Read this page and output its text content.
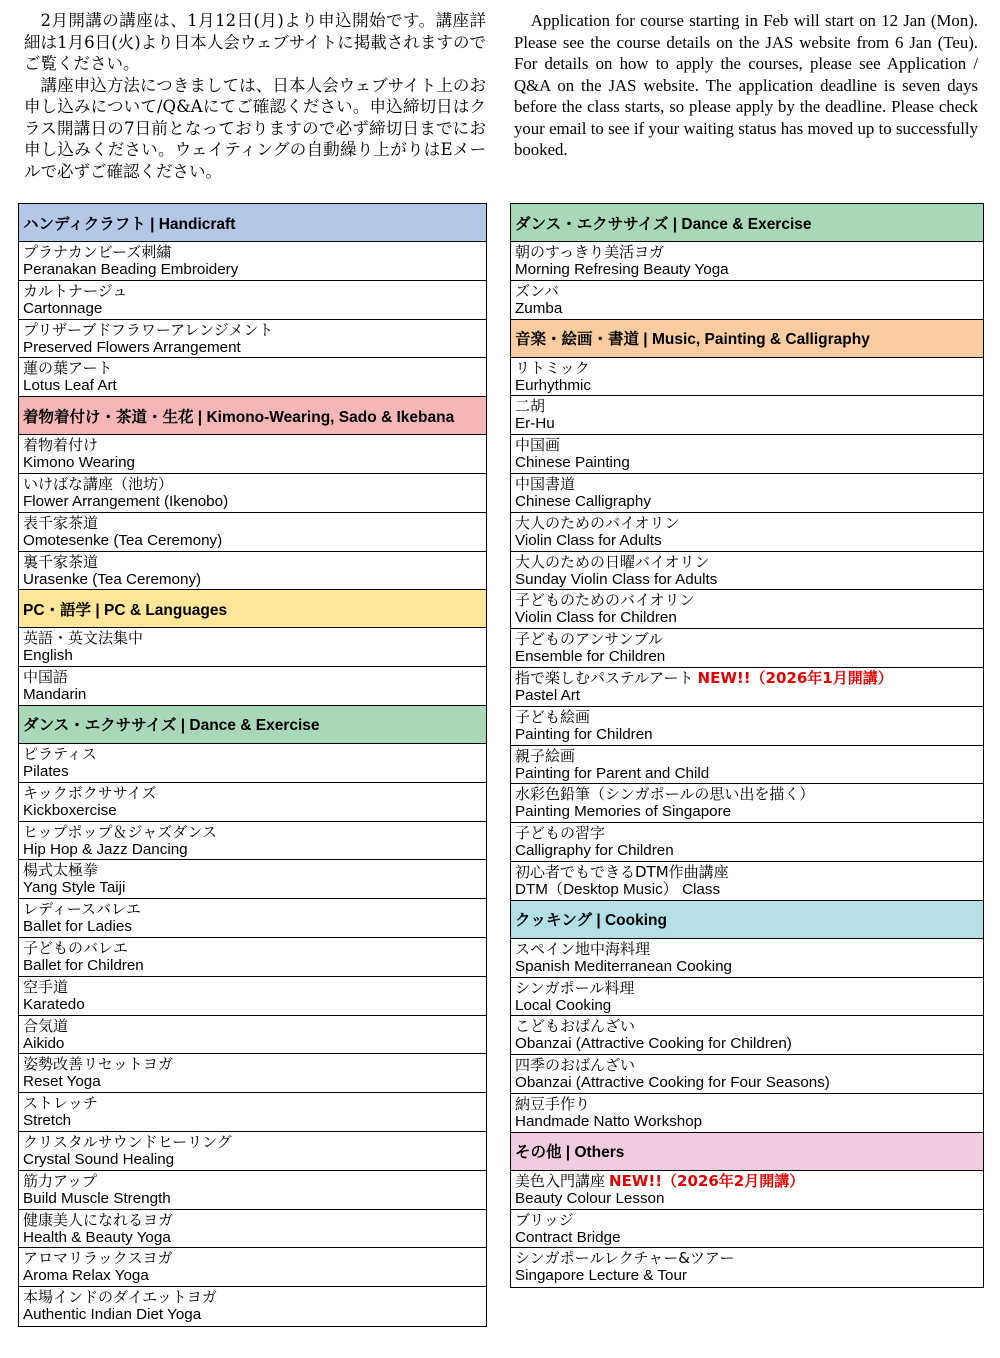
2月開講の講座は、1月12日(月)より申込開始です。講座詳細は1月6日(火)より日本人会ウェブサイトに掲載されますのでご覧ください。

講座申込方法につきましては、日本人会ウェブサイト上のお申し込みについて/Q&Aにてご確認ください。申込締切日はクラス開講日の7日前となっておりますので必ず締切日までにお申し込みください。ウェイティングの自動繰り上がりはEメールで必ずご確認ください。

Application for course starting in Feb will start on 12 Jan (Mon). Please see the course details on the JAS website from 6 Jan (Teu). For details on how to apply the courses, please see Application / Q&A on the JAS website. The application deadline is seven days before the class starts, so please apply by the deadline. Please check your email to see if your waiting status has moved up to successfully booked.

ハンディクラフト | Handicraft
プラナカンビーズ刺繍
Peranakan Beading Embroidery
カルトナージュ
Cartonnage
プリザーブドフラワーアレンジメント
Preserved Flowers Arrangement
蓮の葉アート
Lotus Leaf Art
着物着付け・茶道・生花 | Kimono-Wearing, Sado & Ikebana
着物着付け
Kimono Wearing
いけばな講座（池坊）
Flower Arrangement (Ikenobo)
表千家茶道
Omotesenke (Tea Ceremony)
裏千家茶道
Urasenke (Tea Ceremony)
PC・語学 | PC & Languages
英語・英文法集中
English
中国語
Mandarin
ダンス・エクササイズ | Dance & Exercise
ピラティス
Pilates
キックボクササイズ
Kickboxercise
ヒップポップ＆ジャズダンス
Hip Hop & Jazz Dancing
楊式太極拳
Yang Style Taiji
レディースバレエ
Ballet for Ladies
子どものバレエ
Ballet for Children
空手道
Karatedo
合気道
Aikido
姿勢改善リセットヨガ
Reset Yoga
ストレッチ
Stretch
クリスタルサウンドヒーリング
Crystal Sound Healing
筋力アップ
Build Muscle Strength
健康美人になれるヨガ
Health & Beauty Yoga
アロマリラックスヨガ
Aroma Relax Yoga
本場インドのダイエットヨガ
Authentic Indian Diet Yoga
ダンス・エクササイズ | Dance & Exercise
朝のすっきり美活ヨガ
Morning Refresing Beauty Yoga
ズンバ
Zumba
音楽・絵画・書道 | Music, Painting & Calligraphy
リトミック
Eurhythmic
二胡
Er-Hu
中国画
Chinese Painting
中国書道
Chinese Calligraphy
大人のためのバイオリン
Violin Class for Adults
大人のための日曜バイオリン
Sunday Violin Class for Adults
子どものためのバイオリン
Violin Class for Children
子どものアンサンブル
Ensemble for Children
指で楽しむパステルアート NEW!!（2026年1月開講）
Pastel Art
子ども絵画
Painting for Children
親子絵画
Painting for Parent and Child
水彩色鉛筆（シンガポールの思い出を描く）
Painting Memories of Singapore
子どもの習字
Calligraphy for Children
初心者でもできるDTM作曲講座
DTM（Desktop Music） Class
クッキング | Cooking
スペイン地中海料理
Spanish Mediterranean Cooking
シンガポール料理
Local Cooking
こどもおばんざい
Obanzai (Attractive Cooking for Children)
四季のおばんざい
Obanzai (Attractive Cooking for Four Seasons)
納豆手作り
Handmade Natto Workshop
その他 | Others
美色入門講座 NEW!!（2026年2月開講）
Beauty Colour Lesson
ブリッジ
Contract Bridge
シンガポールレクチャー&ツアー
Singapore Lecture & Tour
